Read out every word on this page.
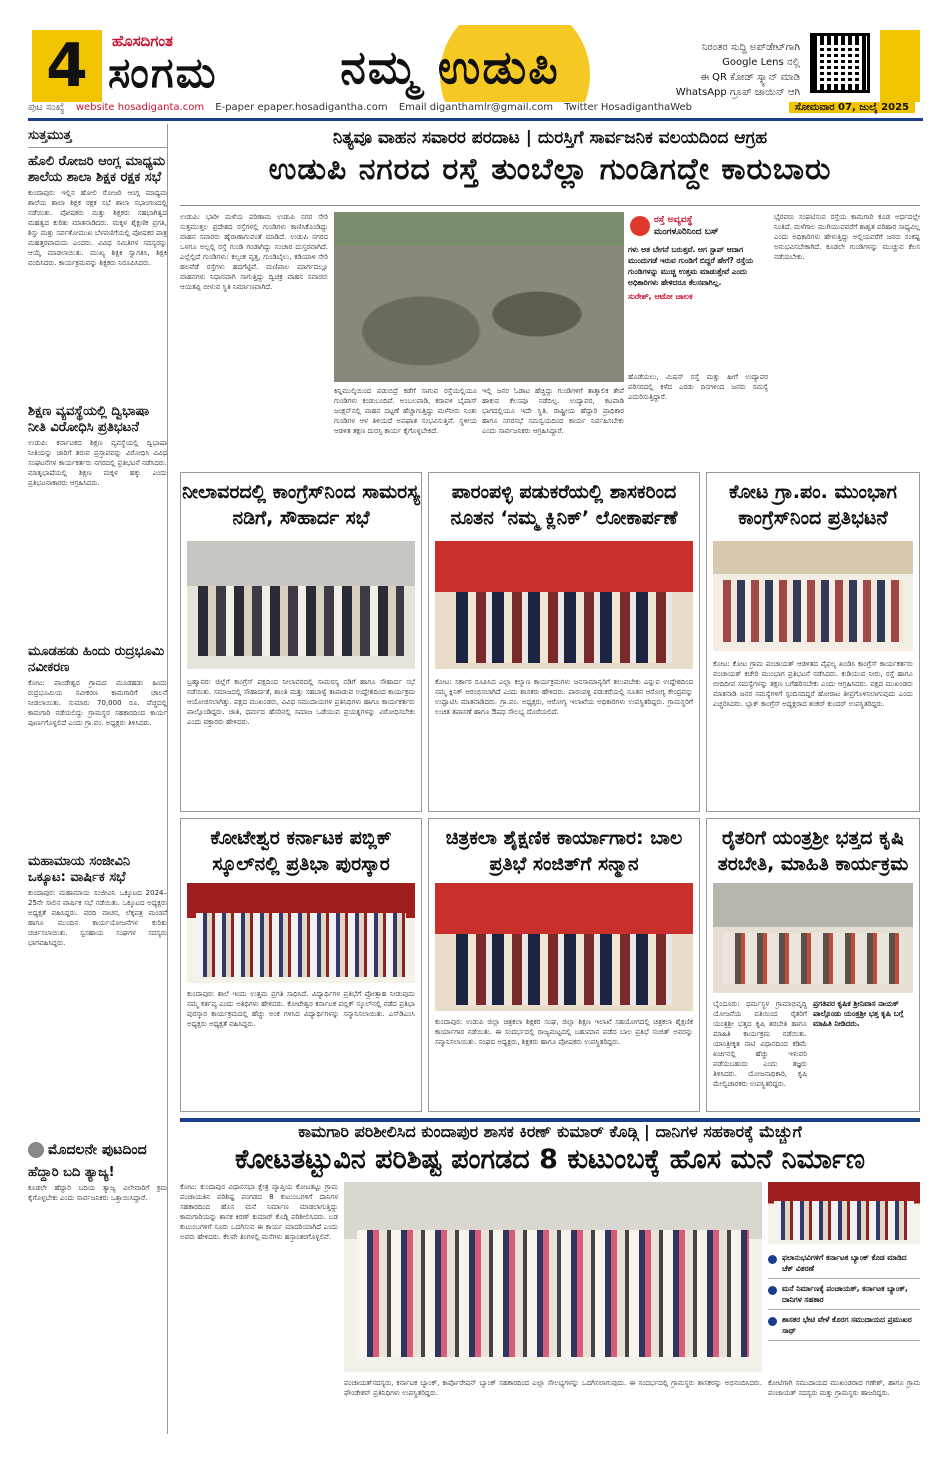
4	ಹೊಸದಿಗಂತ
ಸಂಗಮ	ನಮ್ಮ ಉಡುಪಿ	ನಿರಂತರ ಸುದ್ದಿ ಅಪ್‌ಡೇಟ್‌ಗಾಗಿ
Google Lens ನಲ್ಲಿ
ಈ QR ಕೋಡ್ ಸ್ಕ್ಯಾನ್ ಮಾಡಿ
WhatsApp ಗ್ರೂಪ್ ಜಾಯಿನ್ ಆಗಿ
ಪುಟ ಸಂಖ್ಯೆ website hosadiganta.com E-paper epaper.hosadigantha.com Email diganthamlr@gmail.com Twitter HosadiganthaWeb	ಸೋಮವಾರ 07, ಜುಲೈ 2025
ಸುತ್ತಮುತ್ತ
ಹೊಲಿ ರೋಜರಿ ಆಂಗ್ಲ ಮಾಧ್ಯಮ ಶಾಲೆಯ ಶಾಲಾ ಶಿಕ್ಷಕ ರಕ್ಷಕ ಸಭೆ

ಕುಂದಾಪುರ: ಇಲ್ಲಿನ ಹೋಲಿ ರೋಜರಿ ಆಂಗ್ಲ ಮಾಧ್ಯಮ ಶಾಲೆಯ ಶಾಲಾ ಶಿಕ್ಷಕ ರಕ್ಷಕ ಸಭೆ ಶಾಲಾ ಸಭಾಂಗಣದಲ್ಲಿ ನಡೆಯಿತು. ಪೋಷಕರು ಮತ್ತು ಶಿಕ್ಷಕರು ಸಹಭಾಗಿತ್ವದ ಮಹತ್ವದ ಕುರಿತು ಮಾತನಾಡಿದರು. ಮಕ್ಕಳ ಶೈಕ್ಷಣಿಕ ಪ್ರಗತಿ, ಶಿಸ್ತು ಮತ್ತು ಸರ್ವತೋಮುಖ ಬೆಳವಣಿಗೆಯಲ್ಲಿ ಪೋಷಕರ ಪಾತ್ರ ಮಹತ್ತರವಾದುದು ಎಂದರು. ವಿವಿಧ ಸಮಿತಿಗಳ ಸದಸ್ಯರನ್ನು ಆಯ್ಕೆ ಮಾಡಲಾಯಿತು. ಮುಖ್ಯ ಶಿಕ್ಷಕಿ ಸ್ವಾಗತಿಸಿ, ಶಿಕ್ಷಕಿ ವಂದಿಸಿದರು. ಕಾರ್ಯಕ್ರಮವನ್ನು ಶಿಕ್ಷಕರು ನಿರೂಪಿಸಿದರು.

ಶಿಕ್ಷಣ ವ್ಯವಸ್ಥೆಯಲ್ಲಿ ದ್ವಿಭಾಷಾ ನೀತಿ ವಿರೋಧಿಸಿ ಪ್ರತಿಭಟನೆ

ಉಡುಪಿ: ಕರ್ನಾಟಕದ ಶಿಕ್ಷಣ ವ್ಯವಸ್ಥೆಯಲ್ಲಿ ದ್ವಿಭಾಷಾ ನೀತಿಯನ್ನು ಜಾರಿಗೆ ತರುವ ಪ್ರಸ್ತಾಪವನ್ನು ವಿರೋಧಿಸಿ ವಿವಿಧ ಸಂಘಟನೆಗಳ ಕಾರ್ಯಕರ್ತರು ನಗರದಲ್ಲಿ ಪ್ರತಿಭಟನೆ ನಡೆಸಿದರು. ಮಾತೃಭಾಷೆಯಲ್ಲಿ ಶಿಕ್ಷಣ ಮಕ್ಕಳ ಹಕ್ಕು ಎಂದು ಪ್ರತಿಭಟನಾಕಾರರು ಆಗ್ರಹಿಸಿದರು.

ಮೂಡಹಡು ಹಿಂದು ರುದ್ರಭೂಮಿ ನವೀಕರಣ

ಕೋಟ: ಪಾಂಡೇಶ್ವರ ಗ್ರಾಮದ ಮೂಡಹಡು ಹಿಂದು ರುದ್ರಭೂಮಿಯ ನವೀಕರಣ ಕಾಮಗಾರಿಗೆ ಚಾಲನೆ ನೀಡಲಾಯಿತು. ಸುಮಾರು 70,000 ರೂ. ವೆಚ್ಚದಲ್ಲಿ ಕಾಮಗಾರಿ ನಡೆಯಲಿದ್ದು ಗ್ರಾಮಸ್ಥರ ಸಹಕಾರದಿಂದ ಕಾರ್ಯ ಪೂರ್ಣಗೊಳ್ಳಲಿದೆ ಎಂದು ಗ್ರಾ.ಪಂ. ಅಧ್ಯಕ್ಷರು ತಿಳಿಸಿದರು.

ಮಹಾಮಾಯ ಸಂಜೀವಿನಿ ಒಕ್ಕೂಟ: ವಾರ್ಷಿಕ ಸಭೆ

ಕುಂದಾಪುರ: ಮಹಾಮಾಯ ಸಂಜೀವಿನಿ ಒಕ್ಕೂಟದ 2024–25ನೇ ಸಾಲಿನ ವಾರ್ಷಿಕ ಸಭೆ ನಡೆಯಿತು. ಒಕ್ಕೂಟದ ಅಧ್ಯಕ್ಷರು ಅಧ್ಯಕ್ಷತೆ ವಹಿಸಿದ್ದರು. ವರದಿ ವಾಚನ, ಲೆಕ್ಕಪತ್ರ ಮಂಡನೆ ಹಾಗೂ ಮುಂದಿನ ಕಾರ್ಯಯೋಜನೆಗಳ ಕುರಿತು ಚರ್ಚಿಸಲಾಯಿತು. ಸ್ವಸಹಾಯ ಸಂಘಗಳ ಸದಸ್ಯರು ಭಾಗವಹಿಸಿದ್ದರು.

ಮೊದಲನೇ ಪುಟದಿಂದ
ಹೆದ್ದಾರಿ ಬದಿ ತ್ಯಾಜ್ಯ!

ಕೂಡಲೇ ಹೆದ್ದಾರಿ ಬದಿಯ ತ್ಯಾಜ್ಯ ವಿಲೇವಾರಿಗೆ ಕ್ರಮ ಕೈಗೊಳ್ಳಬೇಕು ಎಂದು ಸಾರ್ವಜನಿಕರು ಒತ್ತಾಯಿಸಿದ್ದಾರೆ.

ನಿತ್ಯವೂ ವಾಹನ ಸವಾರರ ಪರದಾಟ | ದುರಸ್ತಿಗೆ ಸಾರ್ವಜನಿಕ ವಲಯದಿಂದ ಆಗ್ರಹ
ಉಡುಪಿ ನಗರದ ರಸ್ತೆ ತುಂಬೆಲ್ಲಾ ಗುಂಡಿಗದ್ದೇ ಕಾರುಬಾರು
ಉಡುಪಿ: ಭಾರೀ ಮಳೆಯ ಪರಿಣಾಮ ಉಡುಪಿ ನಗರ ಸೇರಿ ಸುತ್ತಮುತ್ತಲ ಪ್ರದೇಶದ ರಸ್ತೆಗಳಲ್ಲಿ ಗುಂಡಿಗಳು ಕಾಣಿಸಿಕೊಂಡಿದ್ದು ವಾಹನ ಸವಾರರು ಹೈರಾಣಾಗುವಂತೆ ಮಾಡಿದೆ. ಉಡುಪಿ ನಗರದ ಒಳಗೂ ಅಲ್ಲಲ್ಲಿ ರಸ್ತೆ ಗುಂಡಿ ಗಂಡಾಗಿದ್ದು ಸಂಚಾರ ದುಸ್ತರವಾಗಿದೆ. ಎಲ್ಲೆಲ್ಲಿದೆ ಗುಂಡಿಗಳು: ಕಲ್ಸಂಕ ವೃತ್ತ, ಗುಂಡಿಬೈಲು, ಕಡಿಯಾಳಿ ಸೇರಿ ಹಲವೆಡೆ ರಸ್ತೆಗಳು ಹದಗೆಟ್ಟಿವೆ. ಮಣಿಪಾಲ ಮಾರ್ಗದಲ್ಲೂ ವಾಹನಗಳು ನಿಧಾನವಾಗಿ ಸಾಗುತ್ತಿದ್ದು ದ್ವಿಚಕ್ರ ವಾಹನ ಸವಾರರು ಆಯತಪ್ಪಿ ಬೀಳುವ ಸ್ಥಿತಿ ನಿರ್ಮಾಣವಾಗಿದೆ.
ಕಿನ್ನಿಮುಲ್ಕಿಯಿಂದ ಪಡುಬಿದ್ರೆ ಕಡೆಗೆ ಸಾಗುವ ರಸ್ತೆಯಲ್ಲಿಯೂ ಗುಂಡಿಗಳು ಕಂಡುಬಂದಿವೆ. ಅಂಬಲಪಾಡಿ, ಕರಾವಳಿ ಬೈಪಾಸ್ ಜಂಕ್ಷನ್‌ನಲ್ಲಿ ವಾಹನ ದಟ್ಟಣೆ ಹೆಚ್ಚಾಗುತ್ತಿದ್ದು ಮಳೆನೀರು ನಿಂತು ಗುಂಡಿಗಳ ಆಳ ತಿಳಿಯದೆ ಅಪಘಾತ ಸಂಭವಿಸುತ್ತಿವೆ. ಸ್ಥಳೀಯ ಆಡಳಿತ ತಕ್ಷಣ ದುರಸ್ತಿ ಕಾರ್ಯ ಕೈಗೊಳ್ಳಬೇಕಿದೆ.
ಇಲ್ಲಿ ಜನರ ಓಡಾಟ ಹೆಚ್ಚಿದ್ದು ಗುಂಡಿಗಳಿಗೆ ತಾತ್ಕಾಲಿಕ ತೇಪೆ ಹಾಕುವ ಕೆಲಸವೂ ನಡೆದಿಲ್ಲ. ಉದ್ಯಾವರ, ಕಟಪಾಡಿ ಭಾಗದಲ್ಲಿಯೂ ಇದೇ ಸ್ಥಿತಿ. ರಾಷ್ಟ್ರೀಯ ಹೆದ್ದಾರಿ ಪ್ರಾಧಿಕಾರ ಹಾಗೂ ನಗರಸಭೆ ಸಮನ್ವಯದಿಂದ ಕಾರ್ಯ ನಿರ್ವಹಿಸಬೇಕು ಎಂದು ಸಾರ್ವಜನಿಕರು ಆಗ್ರಹಿಸಿದ್ದಾರೆ.
ರಸ್ತೆ ಅವ್ಯವಸ್ಥೆ
ಮಂಗಳೂರಿನಿಂದ ಬಸ್
ಗಳು ಆತ ಬೇಗನೆ ಬರುತ್ತವೆ. ಆಗ ಸ್ಟಾಪ್ ಆದಾಗ ಮುಂದುಗಡೆ ಇರುವ ಗುಂಡಿಗೆ ಬಿದ್ದರೆ ಹೇಗೆ? ರಸ್ತೆಯ ಗುಂಡಿಗಳನ್ನು ಮುಚ್ಚಿ ಉತ್ತಮ ಮಾಡುತ್ತೇವೆ ಎಂದು ಅಧಿಕಾರಿಗಳು ಹೇಳಿದರೂ ಕೆಲಸವಾಗಿಲ್ಲ.
ಸುರೇಶ್, ಆಟೋ ಚಾಲಕ
ಹೊಡೆಯಲು, ಮಿಷನ್ ರಸ್ತೆ ಮತ್ತು ಹೀಗೆ ಉದ್ಯಾವರ ಪರಿಸರದಲ್ಲಿ ಕಳೆದ ಎರಡು ದಿನಗಳಿಂದ ಜನರು ಸಮಸ್ಯೆ ಎದುರಿಸುತ್ತಿದ್ದಾರೆ.
ಭೈರವರು ಸಂಘಟಿಸುವ ರಸ್ತೆಯ ಕಾಮಗಾರಿ ಕೂಡ ಅರ್ಧದಲ್ಲೇ ನಿಂತಿದೆ. ಮಳೆಗಾಲ ಮುಗಿಯುವವರೆಗೆ ಶಾಶ್ವತ ಪರಿಹಾರ ಸಾಧ್ಯವಿಲ್ಲ ಎಂದು ಅಧಿಕಾರಿಗಳು ಹೇಳುತ್ತಿದ್ದು ಅಲ್ಲಿಯವರೆಗೆ ಜನರು ಸಂಕಷ್ಟ ಅನುಭವಿಸಬೇಕಾಗಿದೆ. ಕೂಡಲೇ ಗುಂಡಿಗಳನ್ನು ಮುಚ್ಚುವ ಕೆಲಸ ನಡೆಯಬೇಕು.
ನೀಲಾವರದಲ್ಲಿ ಕಾಂಗ್ರೆಸ್‌ನಿಂದ ಸಾಮರಸ್ಯ ನಡಿಗೆ, ಸೌಹಾರ್ದ ಸಭೆ
ಬ್ರಹ್ಮಾವರ: ಜಿಲ್ಲೆಗೆ ಕಾಂಗ್ರೆಸ್ ಪಕ್ಷದಿಂದ ನೀಲಾವರದಲ್ಲಿ ಸಾಮರಸ್ಯ ನಡಿಗೆ ಹಾಗೂ ಸೌಹಾರ್ದ ಸಭೆ ನಡೆಯಿತು. ಸಮಾಜದಲ್ಲಿ ಸೌಹಾರ್ದತೆ, ಶಾಂತಿ ಮತ್ತು ಸಹಬಾಳ್ವೆ ಕಾಪಾಡುವ ಉದ್ದೇಶದಿಂದ ಕಾರ್ಯಕ್ರಮ ಆಯೋಜಿಸಲಾಗಿತ್ತು. ಪಕ್ಷದ ಮುಖಂಡರು, ವಿವಿಧ ಸಮುದಾಯಗಳ ಪ್ರತಿನಿಧಿಗಳು ಹಾಗೂ ಕಾರ್ಯಕರ್ತರು ಪಾಲ್ಗೊಂಡಿದ್ದರು. ಜಾತಿ, ಧರ್ಮದ ಹೆಸರಿನಲ್ಲಿ ಸಮಾಜ ಒಡೆಯುವ ಪ್ರಯತ್ನಗಳನ್ನು ವಿರೋಧಿಸಬೇಕು ಎಂದು ವಕ್ತಾರರು ಹೇಳಿದರು.
ಪಾರಂಪಳ್ಳಿ ಪಡುಕರೆಯಲ್ಲಿ ಶಾಸಕರಿಂದ ನೂತನ ‘ನಮ್ಮ ಕ್ಲಿನಿಕ್’ ಲೋಕಾರ್ಪಣೆ
ಕೋಟ: ಸರ್ಕಾರ ರೂಪಿಸಿದ ಎಲ್ಲಾ ಕಲ್ಯಾಣ ಕಾರ್ಯಕ್ರಮಗಳು ಜನಸಾಮಾನ್ಯರಿಗೆ ತಲುಪಬೇಕು ಎನ್ನುವ ಉದ್ದೇಶದಿಂದ ನಮ್ಮ ಕ್ಲಿನಿಕ್ ಆರಂಭಿಸಲಾಗಿದೆ ಎಂದು ಶಾಸಕರು ಹೇಳಿದರು. ಪಾರಂಪಳ್ಳಿ ಪಡುಕರೆಯಲ್ಲಿ ನೂತನ ಆರೋಗ್ಯ ಕೇಂದ್ರವನ್ನು ಉದ್ಘಾಟಿಸಿ ಮಾತನಾಡಿದರು. ಗ್ರಾ.ಪಂ. ಅಧ್ಯಕ್ಷರು, ಆರೋಗ್ಯ ಇಲಾಖೆಯ ಅಧಿಕಾರಿಗಳು ಉಪಸ್ಥಿತರಿದ್ದರು. ಗ್ರಾಮಸ್ಥರಿಗೆ ಉಚಿತ ತಪಾಸಣೆ ಹಾಗೂ ಔಷಧ ಸೌಲಭ್ಯ ದೊರೆಯಲಿದೆ.
ಕೋಟ ಗ್ರಾ.ಪಂ. ಮುಂಭಾಗ ಕಾಂಗ್ರೆಸ್‌ನಿಂದ ಪ್ರತಿಭಟನೆ
ಕೋಟ: ಕೋಟ ಗ್ರಾಮ ಪಂಚಾಯತ್ ಆಡಳಿತದ ವೈಫಲ್ಯ ಖಂಡಿಸಿ ಕಾಂಗ್ರೆಸ್ ಕಾರ್ಯಕರ್ತರು ಪಂಚಾಯತ್ ಕಚೇರಿ ಮುಂಭಾಗ ಪ್ರತಿಭಟನೆ ನಡೆಸಿದರು. ಕುಡಿಯುವ ನೀರು, ರಸ್ತೆ ಹಾಗೂ ಬೀದಿದೀಪ ಸಮಸ್ಯೆಗಳನ್ನು ತಕ್ಷಣ ಬಗೆಹರಿಸಬೇಕು ಎಂದು ಆಗ್ರಹಿಸಿದರು. ಪಕ್ಷದ ಮುಖಂಡರು ಮಾತನಾಡಿ ಜನರ ಸಮಸ್ಯೆಗಳಿಗೆ ಸ್ಪಂದಿಸದಿದ್ದರೆ ಹೋರಾಟ ತೀವ್ರಗೊಳಿಸಲಾಗುವುದು ಎಂದು ಎಚ್ಚರಿಸಿದರು. ಬ್ಲಾಕ್ ಕಾಂಗ್ರೆಸ್ ಅಧ್ಯಕ್ಷರಾದ ಶಂಕರ್ ಕುಂದರ್ ಉಪಸ್ಥಿತರಿದ್ದರು.
ಕೋಟೇಶ್ವರ ಕರ್ನಾಟಕ ಪಬ್ಲಿಕ್ ಸ್ಕೂಲ್‌ನಲ್ಲಿ ಪ್ರತಿಭಾ ಪುರಸ್ಕಾರ
ಕುಂದಾಪುರ: ಶಾಲೆ ಇಂದು ಉತ್ತಮ ಪ್ರಗತಿ ಸಾಧಿಸಿದೆ. ವಿದ್ಯಾರ್ಥಿಗಳ ಪ್ರತಿಭೆಗೆ ಪ್ರೋತ್ಸಾಹ ನೀಡುವುದು ನಮ್ಮ ಕರ್ತವ್ಯ ಎಂದು ಅತಿಥಿಗಳು ಹೇಳಿದರು. ಕೋಟೇಶ್ವರ ಕರ್ನಾಟಕ ಪಬ್ಲಿಕ್ ಸ್ಕೂಲ್‌ನಲ್ಲಿ ನಡೆದ ಪ್ರತಿಭಾ ಪುರಸ್ಕಾರ ಕಾರ್ಯಕ್ರಮದಲ್ಲಿ ಹೆಚ್ಚು ಅಂಕ ಗಳಿಸಿದ ವಿದ್ಯಾರ್ಥಿಗಳನ್ನು ಸನ್ಮಾನಿಸಲಾಯಿತು. ಎಸ್‌ಡಿಎಂಸಿ ಅಧ್ಯಕ್ಷರು ಅಧ್ಯಕ್ಷತೆ ವಹಿಸಿದ್ದರು.
ಚಿತ್ರಕಲಾ ಶೈಕ್ಷಣಿಕ ಕಾರ್ಯಾಗಾರ: ಬಾಲ ಪ್ರತಿಭೆ ಸಂಜಿತ್‌ಗೆ ಸನ್ಮಾನ
ಕುಂದಾಪುರ: ಉಡುಪಿ ಜಿಲ್ಲಾ ಚಿತ್ರಕಲಾ ಶಿಕ್ಷಕರ ಸಂಘ, ಜಿಲ್ಲಾ ಶಿಕ್ಷಣ ಇಲಾಖೆ ಸಹಯೋಗದಲ್ಲಿ ಚಿತ್ರಕಲಾ ಶೈಕ್ಷಣಿಕ ಕಾರ್ಯಾಗಾರ ನಡೆಯಿತು. ಈ ಸಂದರ್ಭದಲ್ಲಿ ರಾಜ್ಯಮಟ್ಟದಲ್ಲಿ ಬಹುಮಾನ ಪಡೆದ ಬಾಲ ಪ್ರತಿಭೆ ಸಂಜಿತ್ ಅವರನ್ನು ಸನ್ಮಾನಿಸಲಾಯಿತು. ಸಂಘದ ಅಧ್ಯಕ್ಷರು, ಶಿಕ್ಷಕರು ಹಾಗೂ ಪೋಷಕರು ಉಪಸ್ಥಿತರಿದ್ದರು.
ರೈತರಿಗೆ ಯಂತ್ರಶ್ರೀ ಭತ್ತದ ಕೃಷಿ ತರಬೇತಿ, ಮಾಹಿತಿ ಕಾರ್ಯಕ್ರಮ
ಪ್ರಗತಿಪರ ಕೃಷಿಕ ಶ್ರೀನಿವಾಸ ನಾಯಕ್ ಪಾಲ್ಗೊಂಡು ಯಂತ್ರಶ್ರೀ ಭತ್ತ ಕೃಷಿ ಬಗ್ಗೆ ಮಾಹಿತಿ ನೀಡಿದರು.
ಬೈಂದೂರು: ಧರ್ಮಸ್ಥಳ ಗ್ರಾಮಾಭಿವೃದ್ಧಿ ಯೋಜನೆಯ ವತಿಯಿಂದ ರೈತರಿಗೆ ಯಂತ್ರಶ್ರೀ ಭತ್ತದ ಕೃಷಿ ತರಬೇತಿ ಹಾಗೂ ಮಾಹಿತಿ ಕಾರ್ಯಕ್ರಮ ನಡೆಯಿತು. ಯಾಂತ್ರೀಕೃತ ನಾಟಿ ವಿಧಾನದಿಂದ ಕಡಿಮೆ ಖರ್ಚಿನಲ್ಲಿ ಹೆಚ್ಚು ಇಳುವರಿ ಪಡೆಯಬಹುದು ಎಂದು ತಜ್ಞರು ತಿಳಿಸಿದರು. ಯೋಜನಾಧಿಕಾರಿ, ಕೃಷಿ ಮೇಲ್ವಿಚಾರಕರು ಉಪಸ್ಥಿತರಿದ್ದರು.
ಕಾಮಗಾರಿ ಪರಿಶೀಲಿಸಿದ ಕುಂದಾಪುರ ಶಾಸಕ ಕಿರಣ್ ಕುಮಾರ್ ಕೊಡ್ಗಿ | ದಾನಿಗಳ ಸಹಕಾರಕ್ಕೆ ಮೆಚ್ಚುಗೆ
ಕೋಟತಟ್ಟುವಿನ ಪರಿಶಿಷ್ಟ ಪಂಗಡದ 8 ಕುಟುಂಬಕ್ಕೆ ಹೊಸ ಮನೆ ನಿರ್ಮಾಣ
ಕೋಟ: ಕುಂದಾಪುರ ವಿಧಾನಸಭಾ ಕ್ಷೇತ್ರ ವ್ಯಾಪ್ತಿಯ ಕೋಟತಟ್ಟು ಗ್ರಾಮ ಪಂಚಾಯತಿನ ಪರಿಶಿಷ್ಟ ಪಂಗಡದ 8 ಕುಟುಂಬಗಳಿಗೆ ದಾನಿಗಳ ಸಹಕಾರದಿಂದ ಹೊಸ ಮನೆ ನಿರ್ಮಾಣ ಮಾಡಲಾಗುತ್ತಿದ್ದು ಕಾಮಗಾರಿಯನ್ನು ಶಾಸಕ ಕಿರಣ್ ಕುಮಾರ್ ಕೊಡ್ಗಿ ಪರಿಶೀಲಿಸಿದರು. ಬಡ ಕುಟುಂಬಗಳಿಗೆ ಸೂರು ಒದಗಿಸುವ ಈ ಕಾರ್ಯ ಮಾದರಿಯಾಗಿದೆ ಎಂದು ಅವರು ಹೇಳಿದರು. ಕೆಲವೇ ತಿಂಗಳಲ್ಲಿ ಮನೆಗಳು ಹಸ್ತಾಂತರಗೊಳ್ಳಲಿವೆ.
ಪಂಚಾಯತ್‌ಸದಸ್ಯರು, ಕರ್ನಾಟಕ ಬ್ಯಾಂಕ್, ಕಾರ್ಪೊರೇಷನ್ ಬ್ಯಾಂಕ್ ಸಹಕಾರದಿಂದ ಎಲ್ಲಾ ಸೌಲಭ್ಯಗಳನ್ನು ಒದಗಿಸಲಾಗುವುದು. ಈ ಸಂದರ್ಭದಲ್ಲಿ ಗ್ರಾಮಸ್ಥರು ಶಾಸಕರನ್ನು ಅಭಿನಂದಿಸಿದರು. ಫೌಂಡೇಶನ್ ಪ್ರತಿನಿಧಿಗಳು ಉಪಸ್ಥಿತರಿದ್ದರು.
ಫಲಾನುಭವಿಗಳಿಗೆ ಕರ್ನಾಟಕ ಬ್ಯಾಂಕ್ ಕೊಡ ಮಾಡಿದ ಚೆಕ್ ವಿತರಣೆ
ಮನೆ ನಿರ್ಮಾಣಕ್ಕೆ ಪಂಚಾಯತ್, ಕರ್ನಾಟಕ ಬ್ಯಾಂಕ್, ದಾನಿಗಳ ಸಹಕಾರ
ಶಾಸಕರ ಭೇಟಿ ವೇಳೆ ಕೊರಗ ಸಮುದಾಯದ ಪ್ರಮುಖರ ಸಾಥ್
ಕೋಟಿಗಾಗಿ ಸಮುದಾಯದ ಮುಖಂಡರಾದ ಗಣೇಶ್, ಹಾಗೂ ಗ್ರಾಮ ಪಂಚಾಯತ್ ಸದಸ್ಯರು ಮತ್ತು ಗ್ರಾಮಸ್ಥರು ಹಾಜರಿದ್ದರು.
